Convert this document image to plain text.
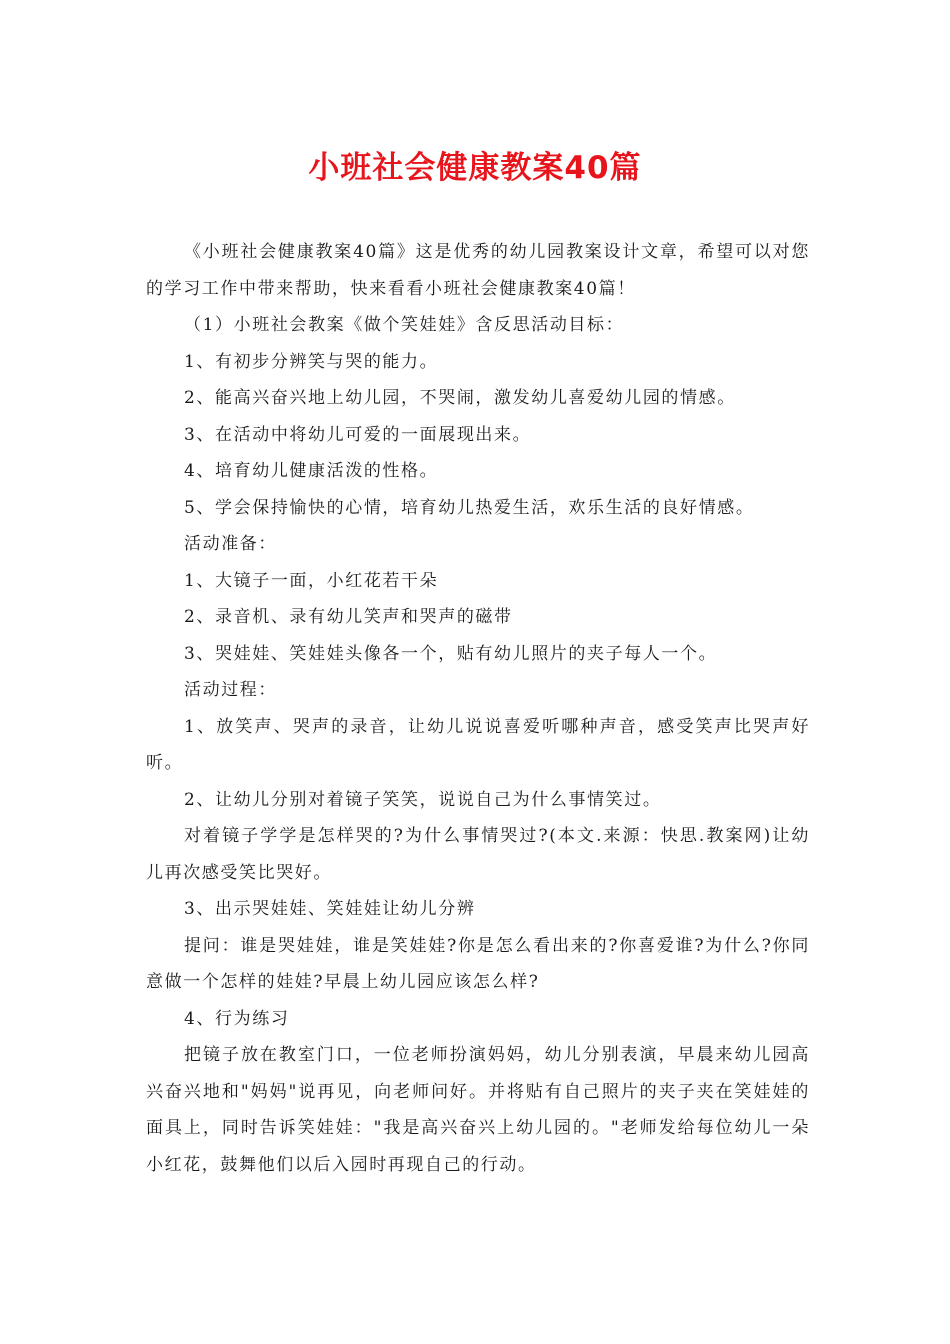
小班社会健康教案40篇

《小班社会健康教案40篇》这是优秀的幼儿园教案设计文章，希望可以对您的学习工作中带来帮助，快来看看小班社会健康教案40篇！

（1）小班社会教案《做个笑娃娃》含反思活动目标：

1、有初步分辨笑与哭的能力。

2、能高兴奋兴地上幼儿园，不哭闹，激发幼儿喜爱幼儿园的情感。

3、在活动中将幼儿可爱的一面展现出来。

4、培育幼儿健康活泼的性格。

5、学会保持愉快的心情，培育幼儿热爱生活，欢乐生活的良好情感。

活动准备：

1、大镜子一面，小红花若干朵

2、录音机、录有幼儿笑声和哭声的磁带

3、哭娃娃、笑娃娃头像各一个，贴有幼儿照片的夹子每人一个。

活动过程：

1、放笑声、哭声的录音，让幼儿说说喜爱听哪种声音，感受笑声比哭声好听。

2、让幼儿分别对着镜子笑笑，说说自己为什么事情笑过。

对着镜子学学是怎样哭的?为什么事情哭过?(本文.来源：快思.教案网)让幼儿再次感受笑比哭好。

3、出示哭娃娃、笑娃娃让幼儿分辨

提问：谁是哭娃娃，谁是笑娃娃?你是怎么看出来的?你喜爱谁?为什么?你同意做一个怎样的娃娃?早晨上幼儿园应该怎么样?

4、行为练习

把镜子放在教室门口，一位老师扮演妈妈，幼儿分别表演，早晨来幼儿园高兴奋兴地和"妈妈"说再见，向老师问好。并将贴有自己照片的夹子夹在笑娃娃的面具上，同时告诉笑娃娃："我是高兴奋兴上幼儿园的。"老师发给每位幼儿一朵小红花，鼓舞他们以后入园时再现自己的行动。
